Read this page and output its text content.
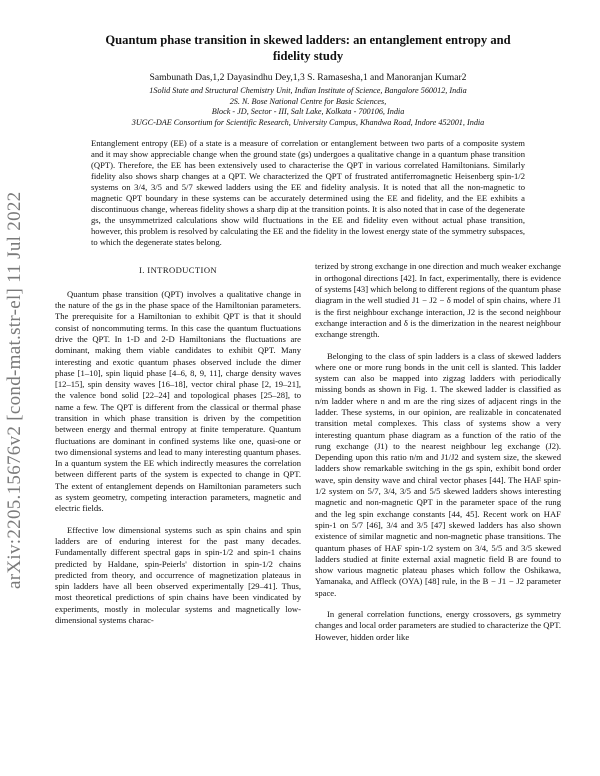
arXiv:2205.15676v2 [cond-mat.str-el] 11 Jul 2022
Quantum phase transition in skewed ladders: an entanglement entropy and fidelity study
Sambunath Das,1,2 Dayasindhu Dey,1,3 S. Ramasesha,1 and Manoranjan Kumar2
1Solid State and Structural Chemistry Unit, Indian Institute of Science, Bangalore 560012, India
2S. N. Bose National Centre for Basic Sciences,
Block - JD, Sector - III, Salt Lake, Kolkata - 700106, India
3UGC-DAE Consortium for Scientific Research, University Campus, Khandwa Road, Indore 452001, India
Entanglement entropy (EE) of a state is a measure of correlation or entanglement between two parts of a composite system and it may show appreciable change when the ground state (gs) undergoes a qualitative change in a quantum phase transition (QPT). Therefore, the EE has been extensively used to characterise the QPT in various correlated Hamiltonians. Similarly fidelity also shows sharp changes at a QPT. We characterized the QPT of frustrated antiferromagnetic Heisenberg spin-1/2 systems on 3/4, 3/5 and 5/7 skewed ladders using the EE and fidelity analysis. It is noted that all the non-magnetic to magnetic QPT boundary in these systems can be accurately determined using the EE and fidelity, and the EE exhibits a discontinuous change, whereas fidelity shows a sharp dip at the transition points. It is also noted that in case of the degenerate gs, the unsymmetrized calculations show wild fluctuations in the EE and fidelity even without actual phase transition, however, this problem is resolved by calculating the EE and the fidelity in the lowest energy state of the symmetry subspaces, to which the degenerate states belong.
I. INTRODUCTION

Quantum phase transition (QPT) involves a qualitative change in the nature of the gs in the phase space of the Hamiltonian parameters. The prerequisite for a Hamiltonian to exhibit QPT is that it should consist of noncommuting terms. In this case the quantum fluctuations drive the QPT. In 1-D and 2-D Hamiltonians the fluctuations are dominant, making them viable candidates to exhibit QPT. Many interesting and exotic quantum phases observed include the dimer phase [1–10], spin liquid phase [4–6, 8, 9, 11], charge density waves [12–15], spin density waves [16–18], vector chiral phase [2, 19–21], the valence bond solid [22–24] and topological phases [25–28], to name a few. The QPT is different from the classical or thermal phase transition in which phase transition is driven by the competition between energy and thermal entropy at finite temperature. Quantum fluctuations are dominant in confined systems like one, quasi-one or two dimensional systems and lead to many interesting quantum phases. In a quantum system the EE which indirectly measures the correlation between different parts of the system is expected to change in QPT. The extent of entanglement depends on Hamiltonian parameters such as system geometry, competing interaction parameters, magnetic and electric fields.

Effective low dimensional systems such as spin chains and spin ladders are of enduring interest for the past many decades. Fundamentally different spectral gaps in spin-1/2 and spin-1 chains predicted by Haldane, spin-Peierls' distortion in spin-1/2 chains predicted from theory, and occurrence of magnetization plateaus in spin ladders have all been observed experimentally [29–41]. Thus, most theoretical predictions of spin chains have been vindicated by experiments, mostly in molecular systems and magnetically low-dimensional systems charac-

terized by strong exchange in one direction and much weaker exchange in orthogonal directions [42]. In fact, experimentally, there is evidence of systems [43] which belong to different regions of the quantum phase diagram in the well studied J1 − J2 − δ model of spin chains, where J1 is the first neighbour exchange interaction, J2 is the second neighbour exchange interaction and δ is the dimerization in the nearest neighbour exchange strength.

Belonging to the class of spin ladders is a class of skewed ladders where one or more rung bonds in the unit cell is slanted. This ladder system can also be mapped into zigzag ladders with periodically missing bonds as shown in Fig. 1. The skewed ladder is classified as n/m ladder where n and m are the ring sizes of adjacent rings in the ladder. These systems, in our opinion, are realizable in concatenated transition metal complexes. This class of systems show a very interesting quantum phase diagram as a function of the ratio of the rung exchange (J1) to the nearest neighbour leg exchange (J2). Depending upon this ratio n/m and J1/J2 and system size, the skewed ladders show remarkable switching in the gs spin, exhibit bond order wave, spin density wave and chiral vector phases [44]. The HAF spin-1/2 system on 5/7, 3/4, 3/5 and 5/5 skewed ladders shows interesting magnetic and non-magnetic QPT in the parameter space of the rung and the leg spin exchange constants [44, 45]. Recent work on HAF spin-1 on 5/7 [46], 3/4 and 3/5 [47] skewed ladders has also shown existence of similar magnetic and non-magnetic phase transitions. The quantum phases of HAF spin-1/2 system on 3/4, 5/5 and 3/5 skewed ladders studied at finite external axial magnetic field B are found to show various magnetic plateau phases which follow the Oshikawa, Yamanaka, and Affleck (OYA) [48] rule, in the B − J1 − J2 parameter space.

In general correlation functions, energy crossovers, gs symmetry changes and local order parameters are studied to characterize the QPT. However, hidden order like
